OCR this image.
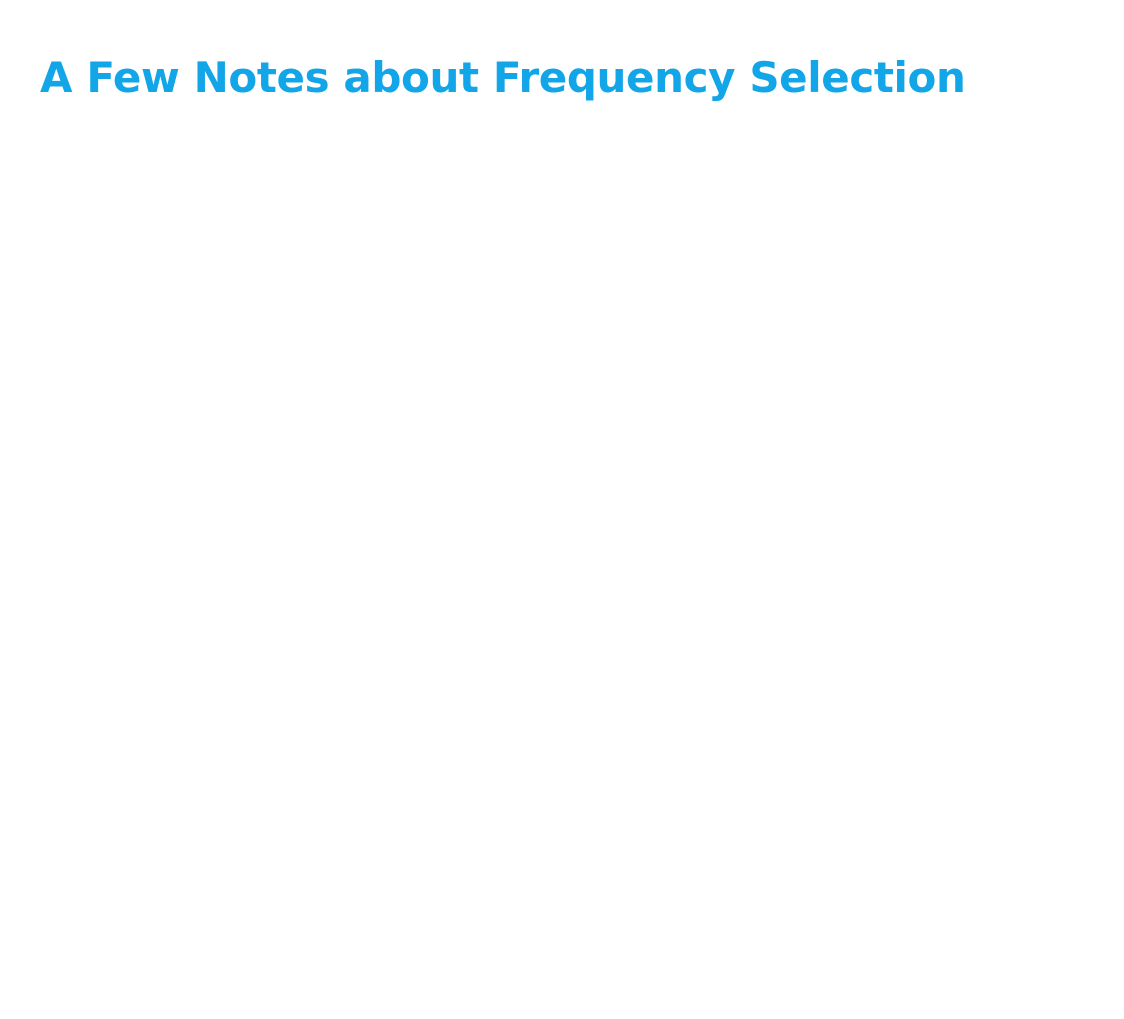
A Few Notes about Frequency Selection
